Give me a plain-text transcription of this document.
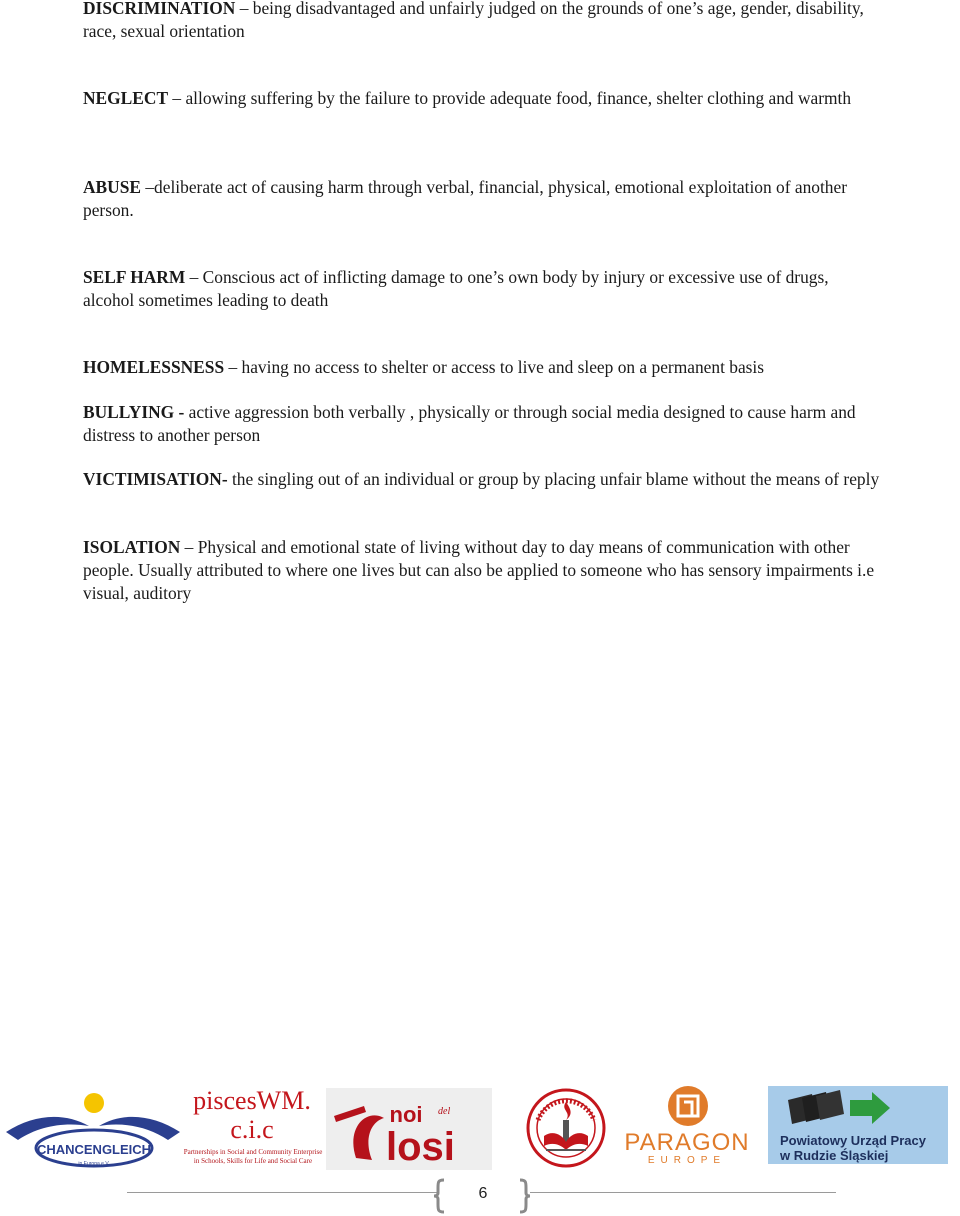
DISCRIMINATION – being disadvantaged and unfairly judged on the grounds of one’s age, gender, disability, race, sexual orientation

NEGLECT – allowing suffering by the failure to provide adequate food, finance, shelter clothing and warmth

ABUSE –deliberate act of causing harm through verbal, financial, physical, emotional exploitation of another person.

SELF HARM – Conscious act of inflicting damage to one’s own body by injury or excessive use of drugs, alcohol sometimes leading to death

HOMELESSNESS – having no access to shelter or access to live and sleep on a permanent basis

BULLYING - active aggression both verbally , physically or through social media designed to cause harm and distress to another person

VICTIMISATION- the singling out of an individual or group by placing unfair blame without the means of reply

ISOLATION – Physical and emotional state of living without day to day means of communication with other people. Usually attributed to where one lives but can also be applied to someone who has sensory impairments i.e visual, auditory

CHANCENGLEICH
in Europa e.V.
piscesWM.
c.i.c
Partnerships in Social and Community Enterprise
in Schools, Skills for Life and Social Care
noi del
losi	PARAGON
EUROPE
Powiatowy Urząd Pracy
w Rudzie Śląskiej
6
